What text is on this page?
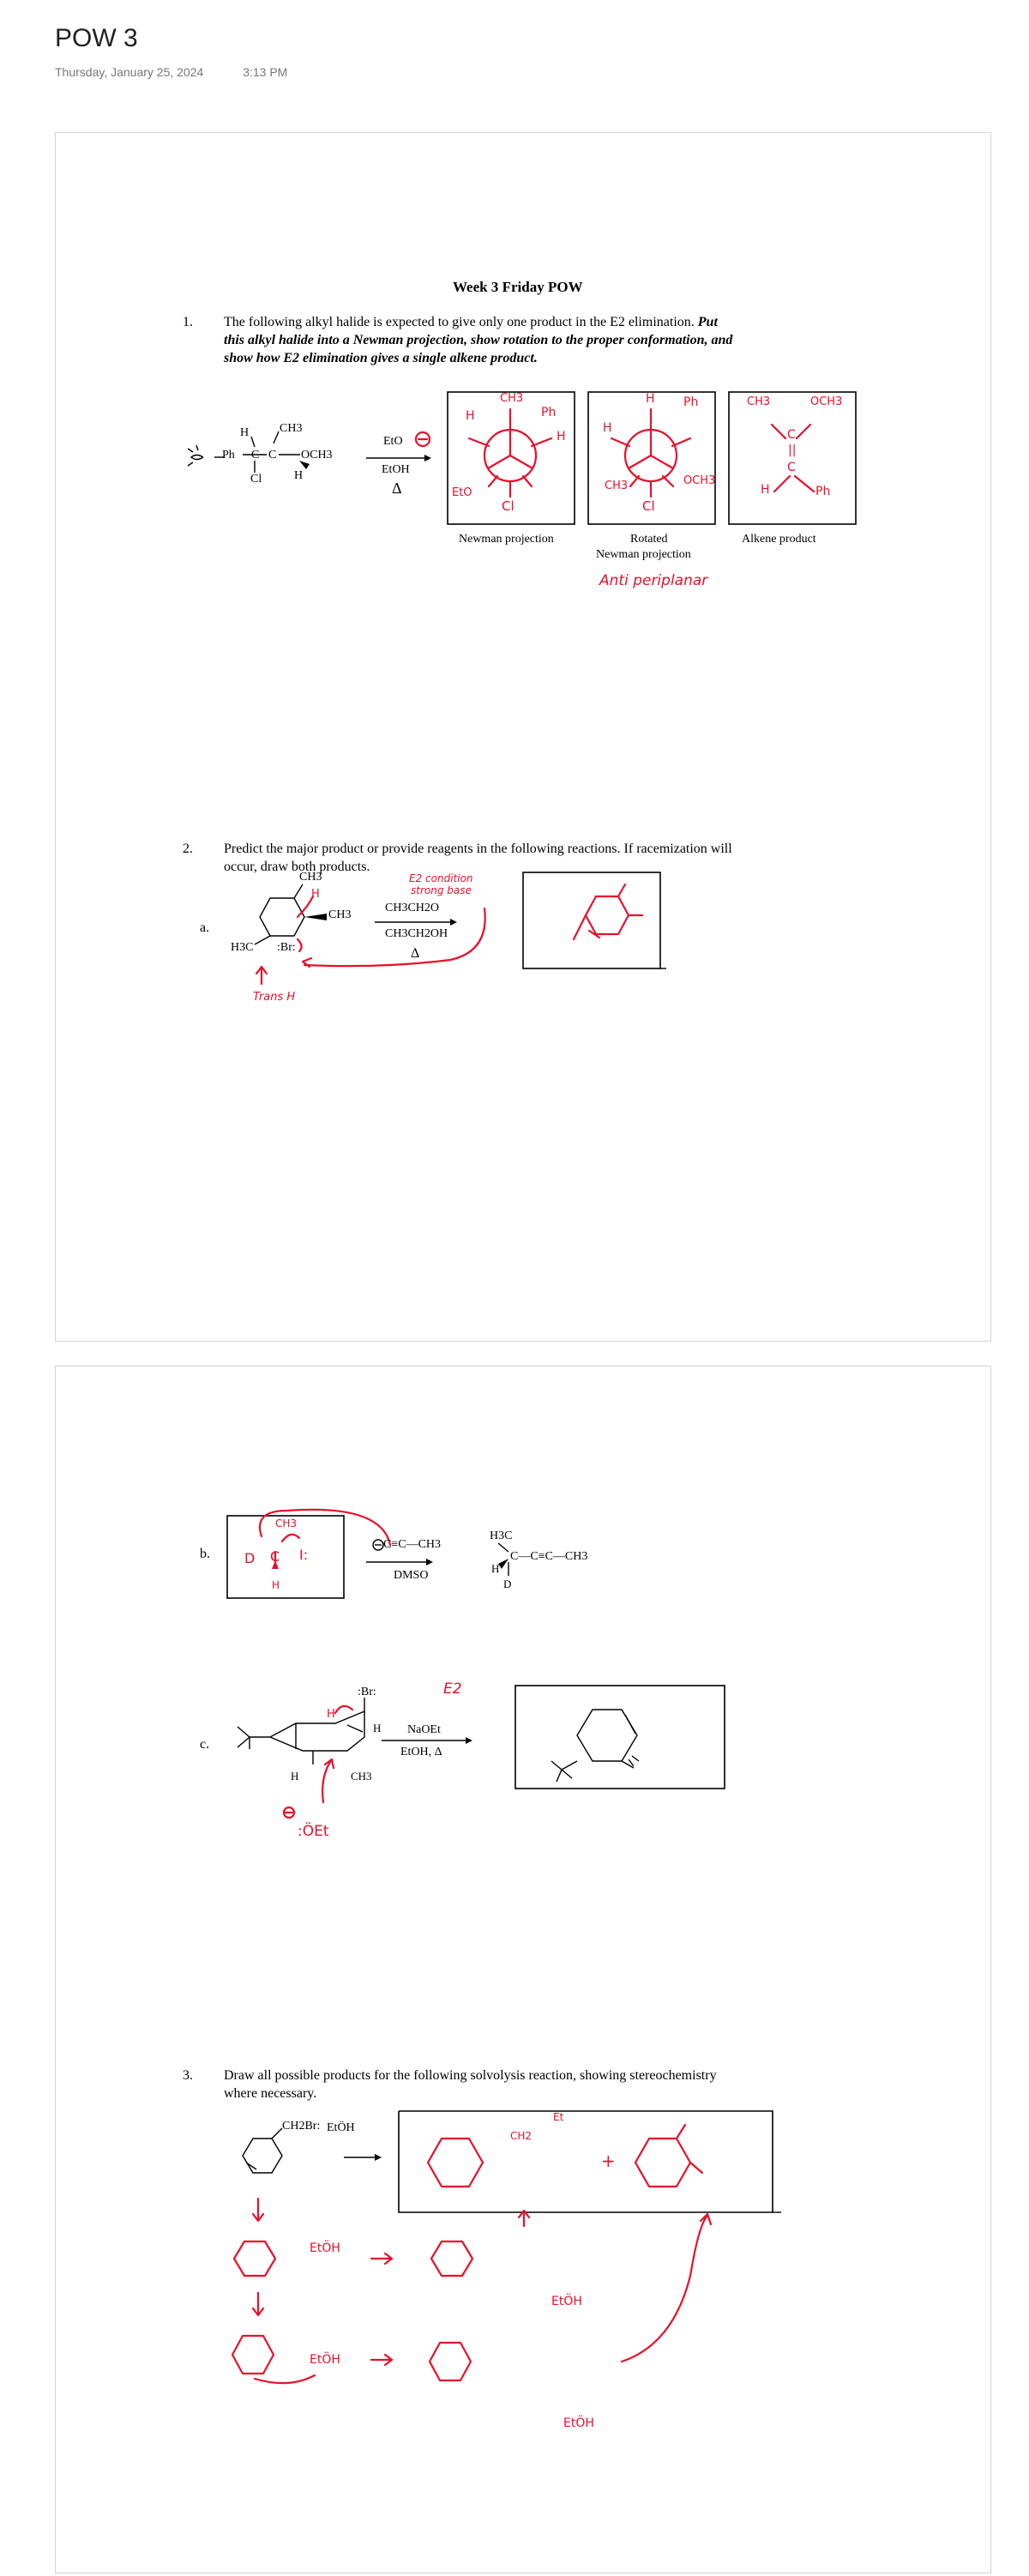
POW 3
Thursday, January 25, 2024	3:13 PM
Week 3 Friday POW
1. The following alkyl halide is expected to give only one product in the E2 elimination. Put
this alkyl halide into a Newman projection, show rotation to the proper conformation, and
show how E2 elimination gives a single alkene product.
H	CH3
Ph C C OCH3
Cl	H
EtO
EtOH
Δ
CH3
Ph
H
H
EtO
Cl
H Ph
H
CH3	OCH3
Cl
CH3	OCH3
C
||
C
H	Ph
Newman projection	Rotated
Newman projection
Alkene product
Anti periplanar
2. Predict the major product or provide reagents in the following reactions. If racemization will
occur, draw both products.
a.
CH3
CH3
H3C :Br:
CH3CH2O
CH3CH2OH
Δ
E2 condition
strong base
H
Trans H
b.
C≡C—CH3
DMSO
H3C
C—C≡C—CH3
H
D
CH3
D C I:
H
c.
:Br:
H
H
H	CH3
NaOEt
EtOH, Δ
E2
:ÖEt
3. Draw all possible products for the following solvolysis reaction, showing stereochemistry
where necessary.
CH2Br: EtÖH
+
CH2
Et
EtÖH
EtÖH
EtÖH
EtÖH
